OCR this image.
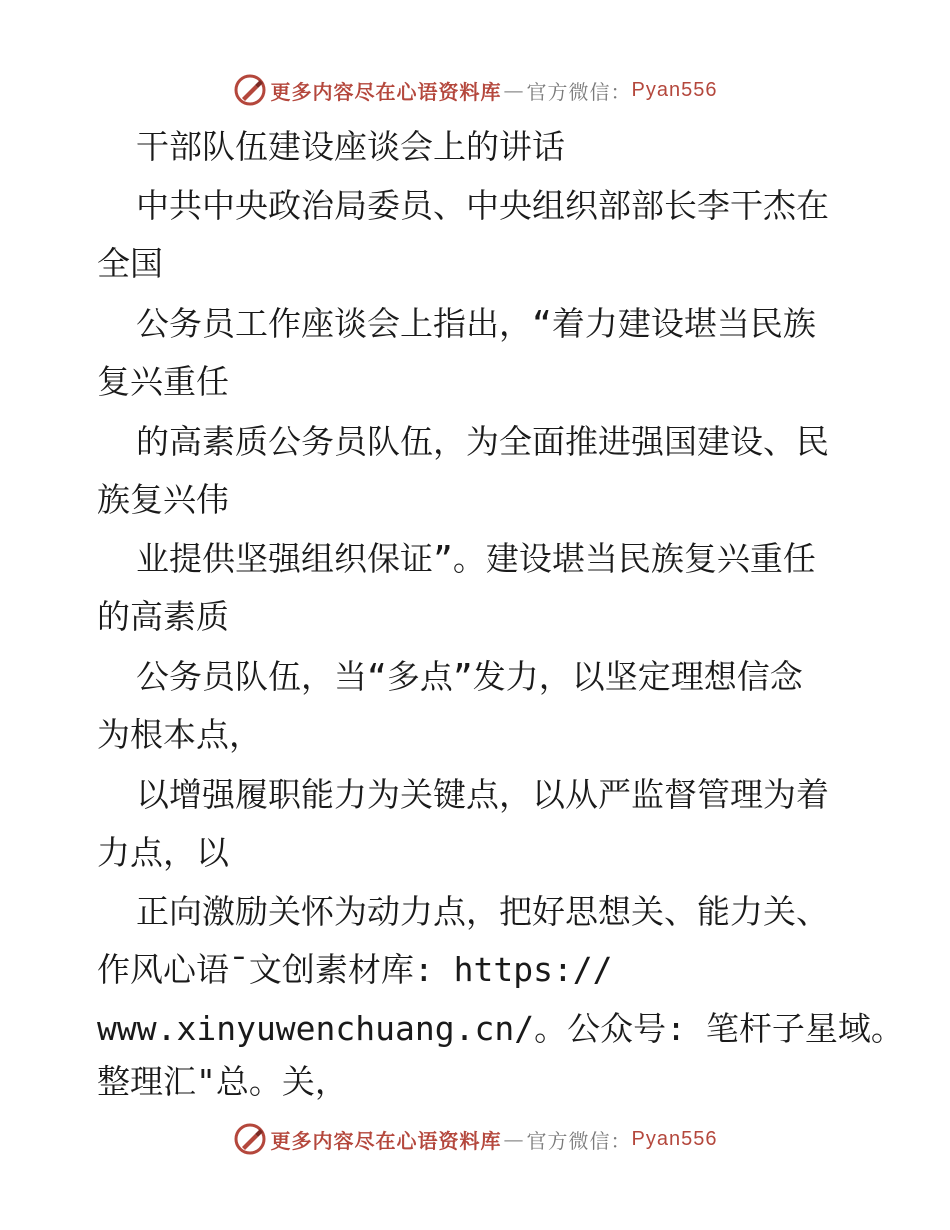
更多内容尽在心语资料库 — 官方微信： Pyan556
干部队伍建设座谈会上的讲话
中共中央政治局委员、中央组织部部长李干杰在
全国
公务员工作座谈会上指出，“着力建设堪当民族
复兴重任
的高素质公务员队伍，为全面推进强国建设、民
族复兴伟
业提供坚强组织保证”。建设堪当民族复兴重任
的高素质
公务员队伍，当“多点”发力，以坚定理想信念
为根本点，
以增强履职能力为关键点，以从严监督管理为着
力点，以
正向激励关怀为动力点，把好思想关、能力关、
作风心语¯文创素材库: https://
www.xinyuwenchuang.cn/。公众号: 笔杆子星域。
整理汇"总。关，
更多内容尽在心语资料库 — 官方微信： Pyan556
